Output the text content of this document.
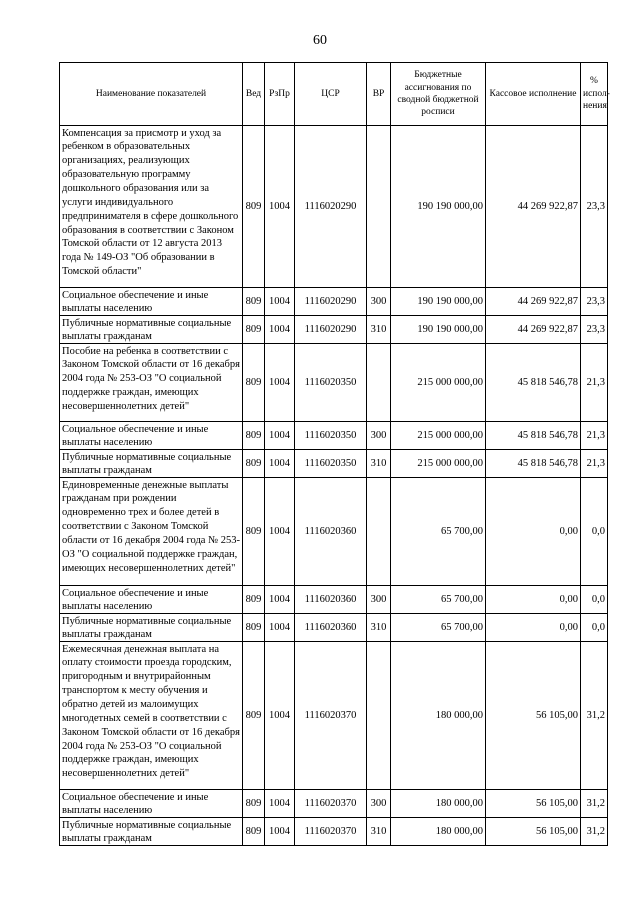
60
Наименование показателей	Вед	РзПр	ЦСР	ВР	Бюджетные ассигнования по сводной бюджетной росписи	Кассовое исполнение	% испол-нения

Компенсация за присмотр и уход за ребенком в образовательных организациях, реализующих образовательную программу дошкольного образования или за услуги индивидуального предпринимателя в сфере дошкольного образования в соответствии с Законом Томской области от 12 августа 2013 года № 149-ОЗ "Об образовании в Томской области"	809	1004	1116020290		190 190 000,00	44 269 922,87	23,3

Социальное обеспечение и иные выплаты населению	809	1004	1116020290	300	190 190 000,00	44 269 922,87	23,3

Публичные нормативные социальные выплаты гражданам	809	1004	1116020290	310	190 190 000,00	44 269 922,87	23,3

Пособие на ребенка в соответствии с Законом Томской области от 16 декабря 2004 года № 253-ОЗ "О социальной поддержке граждан, имеющих несовершеннолетних детей"	809	1004	1116020350		215 000 000,00	45 818 546,78	21,3

Социальное обеспечение и иные выплаты населению	809	1004	1116020350	300	215 000 000,00	45 818 546,78	21,3

Публичные нормативные социальные выплаты гражданам	809	1004	1116020350	310	215 000 000,00	45 818 546,78	21,3

Единовременные денежные выплаты гражданам при рождении одновременно трех и более детей в соответствии с Законом Томской области от 16 декабря 2004 года № 253-ОЗ "О социальной поддержке граждан, имеющих несовершеннолетних детей"	809	1004	1116020360		65 700,00	0,00	0,0

Социальное обеспечение и иные выплаты населению	809	1004	1116020360	300	65 700,00	0,00	0,0

Публичные нормативные социальные выплаты гражданам	809	1004	1116020360	310	65 700,00	0,00	0,0

Ежемесячная денежная выплата на оплату стоимости проезда городским, пригородным и внутрирайонным транспортом к месту обучения и обратно детей из малоимущих многодетных семей в соответствии с Законом Томской области от 16 декабря 2004 года № 253-ОЗ "О социальной поддержке граждан, имеющих несовершеннолетних детей"	809	1004	1116020370		180 000,00	56 105,00	31,2

Социальное обеспечение и иные выплаты населению	809	1004	1116020370	300	180 000,00	56 105,00	31,2

Публичные нормативные социальные выплаты гражданам	809	1004	1116020370	310	180 000,00	56 105,00	31,2
